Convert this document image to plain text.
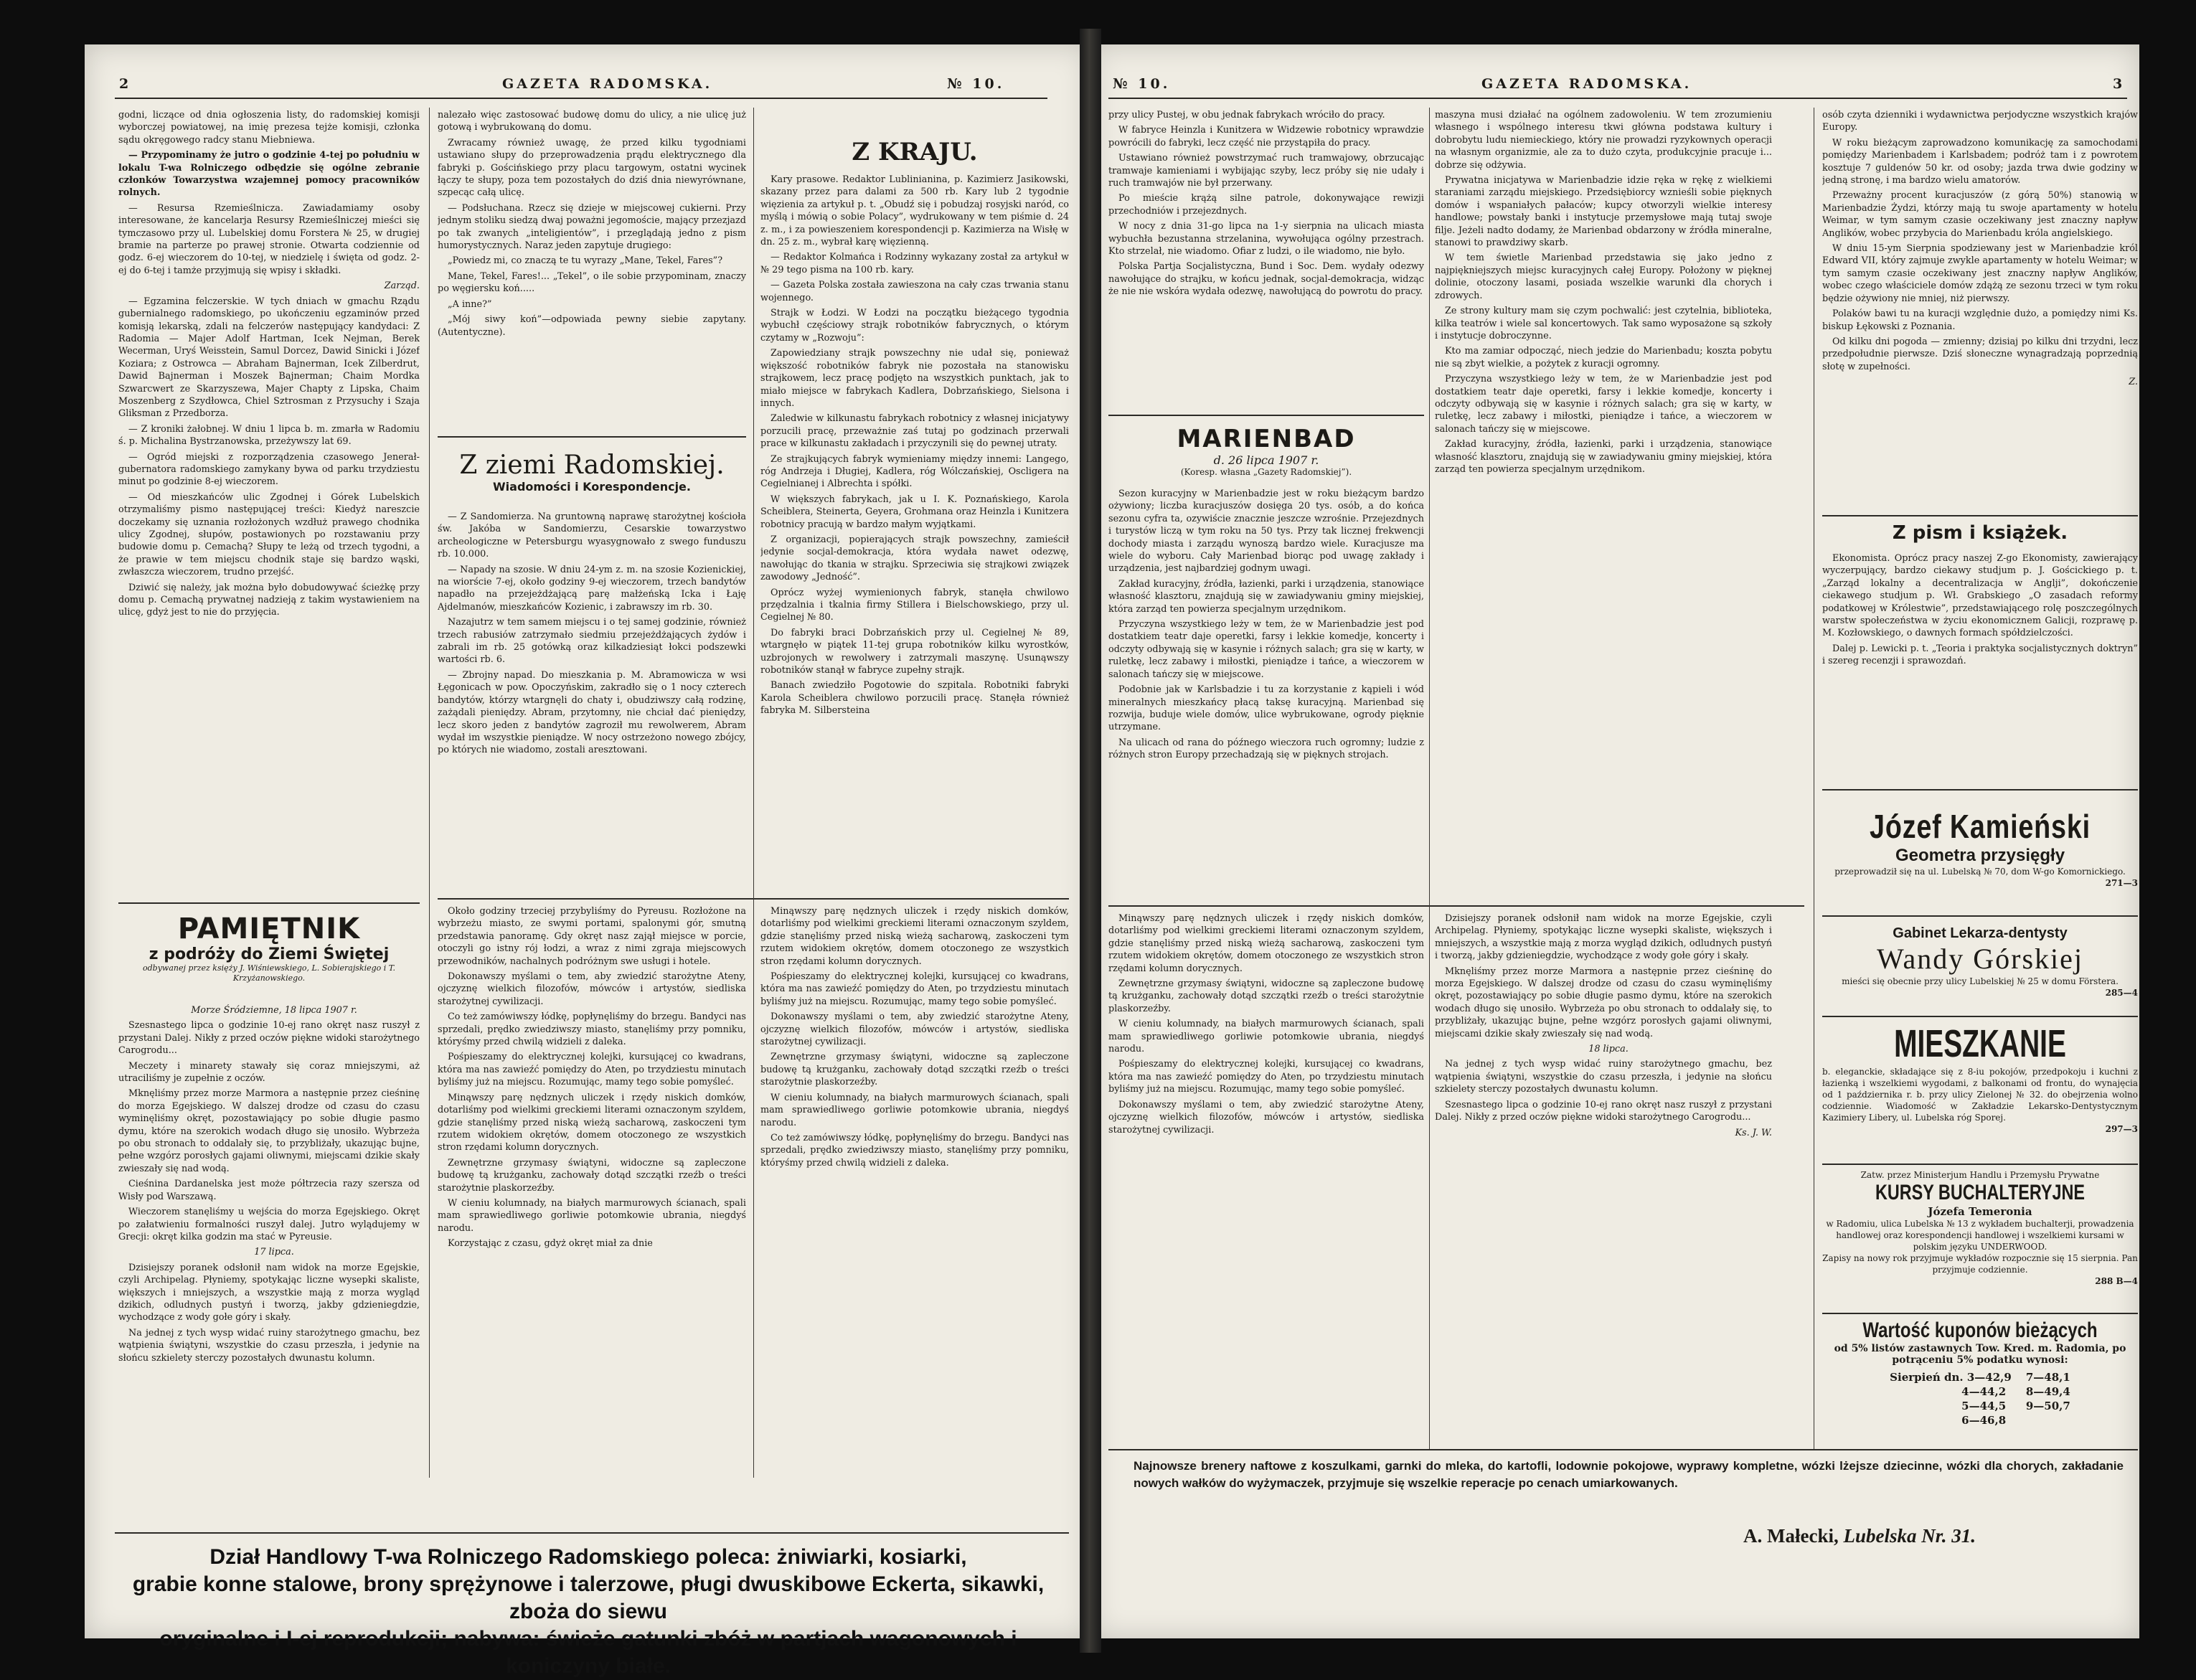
2	GAZETA RADOMSKA.	№ 10.

godni, liczące od dnia ogłoszenia listy, do radomskiej komisji wyborczej powiatowej, na imię prezesa tejże komisji, członka sądu okręgowego radcy stanu Miebniewa.

— Przypominamy że jutro o godzinie 4-tej po południu w lokalu T-wa Rolniczego odbędzie się ogólne zebranie członków Towarzystwa wzajemnej pomocy pracowników rolnych.

— Resursa Rzemieślnicza. Zawiadamiamy osoby interesowane, że kancelarja Resursy Rzemieślniczej mieści się tymczasowo przy ul. Lubelskiej domu Forstera № 25, w drugiej bramie na parterze po prawej stronie. Otwarta codziennie od godz. 6-ej wieczorem do 10-tej, w niedzielę i święta od godz. 2-ej do 6-tej i tamże przyjmują się wpisy i składki.

Zarząd.

— Egzamina felczerskie. W tych dniach w gmachu Rządu gubernialnego radomskiego, po ukończeniu egzaminów przed komisją lekarską, zdali na felczerów następujący kandydaci: Z Radomia — Majer Adolf Hartman, Icek Nejman, Berek Wecerman, Uryś Weisstein, Samul Dorcez, Dawid Sinicki i Józef Koziara; z Ostrowca — Abraham Bajnerman, Icek Zilberdrut, Dawid Bajnerman i Moszek Bajnerman; Chaim Mordka Szwarcwert ze Skarzyszewa, Majer Chapty z Lipska, Chaim Moszenberg z Szydłowca, Chiel Sztrosman z Przysuchy i Szaja Gliksman z Przedborza.

— Z kroniki żałobnej. W dniu 1 lipca b. m. zmarła w Radomiu ś. p. Michalina Bystrzanowska, przeżywszy lat 69.

— Ogród miejski z rozporządzenia czasowego Jenerał-gubernatora radomskiego zamykany bywa od parku trzydziestu minut po godzinie 8-ej wieczorem.

— Od mieszkańców ulic Zgodnej i Górek Lubelskich otrzymaliśmy pismo następującej treści: Kiedyż nareszcie doczekamy się uznania rozłożonych wzdłuż prawego chodnika ulicy Zgodnej, słupów, postawionych po rozstawaniu przy budowie domu p. Cemachą? Słupy te leżą od trzech tygodni, a że prawie w tem miejscu chodnik staje się bardzo wąski, zwłaszcza wieczorem, trudno przejść.

Dziwić się należy, jak można było dobudowywać ścieżkę przy domu p. Cemachą prywatnej nadzieją z takim wystawieniem na ulicę, gdyż jest to nie do przyjęcia.

PAMIĘTNIK
z podróży do Ziemi Świętej
odbywanej przez księży J. Wiśniewskiego, L. Sobierajskiego i T. Krzyżanowskiego.

Morze Śródziemne, 18 lipca 1907 r.

Szesnastego lipca o godzinie 10-ej rano okręt nasz ruszył z przystani Dalej. Nikły z przed oczów piękne widoki starożytnego Carogrodu...

Meczety i minarety stawały się coraz mniejszymi, aż utraciliśmy je zupełnie z oczów.

Mknęliśmy przez morze Marmora a następnie przez cieśninę do morza Egejskiego. W dalszej drodze od czasu do czasu wyminęliśmy okręt, pozostawiający po sobie długie pasmo dymu, które na szerokich wodach długo się unosiło. Wybrzeża po obu stronach to oddalały się, to przybliżały, ukazując bujne, pełne wzgórz porosłych gajami oliwnymi, miejscami dzikie skały zwieszały się nad wodą.

Cieśnina Dardanelska jest może półtrzecia razy szersza od Wisły pod Warszawą.

Wieczorem stanęliśmy u wejścia do morza Egejskiego. Okręt po załatwieniu formalności ruszył dalej. Jutro wylądujemy w Grecji: okręt kilka godzin ma stać w Pyreusie.

17 lipca.

Dzisiejszy poranek odsłonił nam widok na morze Egejskie, czyli Archipelag. Płyniemy, spotykając liczne wysepki skaliste, większych i mniejszych, a wszystkie mają z morza wygląd dzikich, odludnych pustyń i tworzą, jakby gdzieniegdzie, wychodzące z wody gołe góry i skały.

Na jednej z tych wysp widać ruiny starożytnego gmachu, bez wątpienia świątyni, wszystkie do czasu przeszła, i jedynie na słońcu szkielety sterczy pozostałych dwunastu kolumn.

nalezało więc zastosować budowę domu do ulicy, a nie ulicę już gotową i wybrukowaną do domu.

Zwracamy również uwagę, że przed kilku tygodniami ustawiano słupy do przeprowadzenia prądu elektrycznego dla fabryki p. Gościńskiego przy placu targowym, ostatni wycinek łączy te słupy, poza tem pozostałych do dziś dnia niewyrównane, szpecąc całą ulicę.

— Podsłuchana. Rzecz się dzieje w miejscowej cukierni. Przy jednym stoliku siedzą dwaj poważni jegomoście, mający przezjazd po tak zwanych „inteligientów”, i przeglądają jedno z pism humorystycznych. Naraz jeden zapytuje drugiego:

„Powiedz mi, co znaczą te tu wyrazy „Mane, Tekel, Fares”?

Mane, Tekel, Fares!... „Tekel”, o ile sobie przypominam, znaczy po węgiersku koń.....

„A inne?”

„Mój siwy koń”—odpowiada pewny siebie zapytany. (Autentyczne).

Z ziemi Radomskiej.
Wiadomości i Korespondencje.

— Z Sandomierza. Na gruntowną naprawę starożytnej kościoła św. Jakóba w Sandomierzu, Cesarskie towarzystwo archeologiczne w Petersburgu wyasygnowało z swego funduszu rb. 10.000.

— Napady na szosie. W dniu 24-ym z. m. na szosie Kozienickiej, na wiorście 7-ej, około godziny 9-ej wieczorem, trzech bandytów napadło na przejeżdżającą parę małżeńską Icka i Łaję Ajdelmanów, mieszkańców Kozienic, i zabrawszy im rb. 30.

Nazajutrz w tem samem miejscu i o tej samej godzinie, również trzech rabusiów zatrzymało siedmiu przejeżdżających żydów i zabrali im rb. 25 gotówką oraz kilkadziesiąt łokci podszewki wartości rb. 6.

— Zbrojny napad. Do mieszkania p. M. Abramowicza w wsi Łęgonicach w pow. Opoczyńskim, zakradło się o 1 nocy czterech bandytów, którzy wtargnęli do chaty i, obudziwszy całą rodzinę, zażądali pieniędzy. Abram, przytomny, nie chciał dać pieniędzy, lecz skoro jeden z bandytów zagroził mu rewolwerem, Abram wydał im wszystkie pieniądze. W nocy ostrzeżono nowego zbójcy, po których nie wiadomo, zostali aresztowani.

Około godziny trzeciej przybyliśmy do Pyreusu. Rozłożone na wybrzeżu miasto, ze swymi portami, spalonymi gór, smutną przedstawia panoramę. Gdy okręt nasz zajął miejsce w porcie, otoczyli go istny rój łodzi, a wraz z nimi zgraja miejscowych przewodników, nachalnych podróżnym swe usługi i hotele.

Dokonawszy myślami o tem, aby zwiedzić starożytne Ateny, ojczyznę wielkich filozofów, mówców i artystów, siedliska starożytnej cywilizacji.

Co też zamówiwszy łódkę, popłynęliśmy do brzegu. Bandyci nas sprzedali, prędko zwiedziwszy miasto, stanęliśmy przy pomniku, któryśmy przed chwilą widzieli z daleka.

Pośpieszamy do elektrycznej kolejki, kursującej co kwadrans, która ma nas zawieźć pomiędzy do Aten, po trzydziestu minutach byliśmy już na miejscu. Rozumując, mamy tego sobie pomyśleć.

Minąwszy parę nędznych uliczek i rzędy niskich domków, dotarliśmy pod wielkimi greckiemi literami oznaczonym szyldem, gdzie stanęliśmy przed niską wieżą sacharową, zaskoczeni tym rzutem widokiem okrętów, domem otoczonego ze wszystkich stron rzędami kolumn dorycznych.

Zewnętrzne grzymasy świątyni, widoczne są zapleczone budowę tą krużganku, zachowały dotąd szczątki rzeźb o treści starożytnie plaskorzeźby.

W cieniu kolumnady, na białych marmurowych ścianach, spali mam sprawiedliwego gorliwie potomkowie ubrania, niegdyś narodu.

Korzystając z czasu, gdyż okręt miał za dnie

Z KRAJU.

Kary prasowe. Redaktor Lublinianina, p. Kazimierz Jasikowski, skazany przez para dalami za 500 rb. Kary lub 2 tygodnie więzienia za artykuł p. t. „Obudź się i pobudzaj rosyjski naród, co myślą i mówią o sobie Polacy”, wydrukowany w tem piśmie d. 24 z. m., i za powieszeniem korespondencji p. Kazimierza na Wisłę w dn. 25 z. m., wybrał karę więzienną.

— Redaktor Kolmańca i Rodzinny wykazany został za artykuł w № 29 tego pisma na 100 rb. kary.

— Gazeta Polska została zawieszona na cały czas trwania stanu wojennego.

Strajk w Łodzi. W Łodzi na początku bieżącego tygodnia wybuchł częściowy strajk robotników fabrycznych, o którym czytamy w „Rozwoju”:

Zapowiedziany strajk powszechny nie udał się, ponieważ większość robotników fabryk nie pozostała na stanowisku strajkowem, lecz pracę podjęto na wszystkich punktach, jak to miało miejsce w fabrykach Kadlera, Dobrzańskiego, Sielsona i innych.

Zaledwie w kilkunastu fabrykach robotnicy z własnej inicjatywy porzucili pracę, przeważnie zaś tutaj po godzinach przerwali prace w kilkunastu zakładach i przyczynili się do pewnej utraty.

Ze strajkujących fabryk wymieniamy między innemi: Langego, róg Andrzeja i Długiej, Kadlera, róg Wólczańskiej, Oscligera na Cegielnianej i Albrechta i spółki.

W większych fabrykach, jak u I. K. Poznańskiego, Karola Scheiblera, Steinerta, Geyera, Grohmana oraz Heinzla i Kunitzera robotnicy pracują w bardzo małym wyjątkami.

Z organizacji, popierających strajk powszechny, zamieścił jedynie socjal-demokracja, która wydała nawet odezwę, nawołując do tkania w strajku. Sprzeciwia się strajkowi związek zawodowy „Jedność”.

Oprócz wyżej wymienionych fabryk, stanęła chwilowo przędzalnia i tkalnia firmy Stillera i Bielschowskiego, przy ul. Cegielnej № 80.

Do fabryki braci Dobrzańskich przy ul. Cegielnej № 89, wtargnęło w piątek 11-tej grupa robotników kilku wyrostków, uzbrojonych w rewolwery i zatrzymali maszynę. Usunąwszy robotników stanął w fabryce zupełny strajk.

Banach zwiedziło Pogotowie do szpitala. Robotniki fabryki Karola Scheiblera chwilowo porzucili pracę. Stanęła również fabryka M. Silbersteina

Minąwszy parę nędznych uliczek i rzędy niskich domków, dotarliśmy pod wielkimi greckiemi literami oznaczonym szyldem, gdzie stanęliśmy przed niską wieżą sacharową, zaskoczeni tym rzutem widokiem okrętów, domem otoczonego ze wszystkich stron rzędami kolumn dorycznych.

Pośpieszamy do elektrycznej kolejki, kursującej co kwadrans, która ma nas zawieźć pomiędzy do Aten, po trzydziestu minutach byliśmy już na miejscu. Rozumując, mamy tego sobie pomyśleć.

Dokonawszy myślami o tem, aby zwiedzić starożytne Ateny, ojczyznę wielkich filozofów, mówców i artystów, siedliska starożytnej cywilizacji.

Zewnętrzne grzymasy świątyni, widoczne są zapleczone budowę tą krużganku, zachowały dotąd szczątki rzeźb o treści starożytnie plaskorzeźby.

W cieniu kolumnady, na białych marmurowych ścianach, spali mam sprawiedliwego gorliwie potomkowie ubrania, niegdyś narodu.

Co też zamówiwszy łódkę, popłynęliśmy do brzegu. Bandyci nas sprzedali, prędko zwiedziwszy miasto, stanęliśmy przy pomniku, któryśmy przed chwilą widzieli z daleka.

Dział Handlowy T-wa Rolniczego Radomskiego poleca: żniwiarki, kosiarki,
grabie konne stalowe, brony sprężynowe i talerzowe, pługi dwuskibowe Eckerta, sikawki, zboża do siewu
oryginalne i I-ej reprodukcji; nabywa: świeże gatunki zbóż w partjach wagonowych i koniczyny białe.
№ 10.	GAZETA RADOMSKA.	3

przy ulicy Pustej, w obu jednak fabrykach wróciło do pracy.

W fabryce Heinzla i Kunitzera w Widzewie robotnicy wprawdzie powrócili do fabryki, lecz część nie przystąpiła do pracy.

Ustawiano również powstrzymać ruch tramwajowy, obrzucając tramwaje kamieniami i wybijając szyby, lecz próby się nie udały i ruch tramwajów nie był przerwany.

Po mieście krążą silne patrole, dokonywające rewizji przechodniów i przejezdnych.

W nocy z dnia 31-go lipca na 1-y sierpnia na ulicach miasta wybuchła bezustanna strzelanina, wywołująca ogólny przestrach. Kto strzelał, nie wiadomo. Ofiar z ludzi, o ile wiadomo, nie było.

Polska Partja Socjalistyczna, Bund i Soc. Dem. wydały odezwy nawołujące do strajku, w końcu jednak, socjal-demokracja, widząc że nie nie wskóra wydała odezwę, nawołującą do powrotu do pracy.

MARIENBAD
d. 26 lipca 1907 r.
(Koresp. własna „Gazety Radomskiej”).

Sezon kuracyjny w Marienbadzie jest w roku bieżącym bardzo ożywiony; liczba kuracjuszów dosięga 20 tys. osób, a do końca sezonu cyfra ta, ozywiście znacznie jeszcze wzrośnie. Przejezdnych i turystów liczą w tym roku na 50 tys. Przy tak licznej frekwencji dochody miasta i zarządu wynoszą bardzo wiele. Kuracjusze ma wiele do wyboru. Cały Marienbad biorąc pod uwagę zakłady i urządzenia, jest najbardziej godnym uwagi.

Zakład kuracyjny, źródła, łazienki, parki i urządzenia, stanowiące własność klasztoru, znajdują się w zawiadywaniu gminy miejskiej, która zarząd ten powierza specjalnym urzędnikom.

Przyczyna wszystkiego leży w tem, że w Marienbadzie jest pod dostatkiem teatr daje operetki, farsy i lekkie komedje, koncerty i odczyty odbywają się w kasynie i różnych salach; gra się w karty, w ruletkę, lecz zabawy i miłostki, pieniądze i tańce, a wieczorem w salonach tańczy się w miejscowe.

Podobnie jak w Karlsbadzie i tu za korzystanie z kąpieli i wód mineralnych mieszkańcy płacą taksę kuracyjną. Marienbad się rozwija, buduje wiele domów, ulice wybrukowane, ogrody pięknie utrzymane.

Na ulicach od rana do późnego wieczora ruch ogromny; ludzie z różnych stron Europy przechadzają się w pięknych strojach.

Minąwszy parę nędznych uliczek i rzędy niskich domków, dotarliśmy pod wielkimi greckiemi literami oznaczonym szyldem, gdzie stanęliśmy przed niską wieżą sacharową, zaskoczeni tym rzutem widokiem okrętów, domem otoczonego ze wszystkich stron rzędami kolumn dorycznych.

Zewnętrzne grzymasy świątyni, widoczne są zapleczone budowę tą krużganku, zachowały dotąd szczątki rzeźb o treści starożytnie plaskorzeźby.

W cieniu kolumnady, na białych marmurowych ścianach, spali mam sprawiedliwego gorliwie potomkowie ubrania, niegdyś narodu.

Pośpieszamy do elektrycznej kolejki, kursującej co kwadrans, która ma nas zawieźć pomiędzy do Aten, po trzydziestu minutach byliśmy już na miejscu. Rozumując, mamy tego sobie pomyśleć.

Dokonawszy myślami o tem, aby zwiedzić starożytne Ateny, ojczyznę wielkich filozofów, mówców i artystów, siedliska starożytnej cywilizacji.

maszyna musi działać na ogólnem zadowoleniu. W tem zrozumieniu własnego i wspólnego interesu tkwi główna podstawa kultury i dobrobytu ludu niemieckiego, który nie prowadzi ryzykownych operacji na własnym organizmie, ale za to dużo czyta, produkcyjnie pracuje i... dobrze się odżywia.

Prywatna inicjatywa w Marienbadzie idzie ręka w rękę z wielkiemi staraniami zarządu miejskiego. Przedsiębiorcy wznieśli sobie pięknych domów i wspaniałych pałaców; kupcy otworzyli wielkie interesy handlowe; powstały banki i instytucje przemysłowe mają tutaj swoje filje. Jeżeli nadto dodamy, że Marienbad obdarzony w źródła mineralne, stanowi to prawdziwy skarb.

W tem świetle Marienbad przedstawia się jako jedno z najpiękniejszych miejsc kuracyjnych całej Europy. Położony w pięknej dolinie, otoczony lasami, posiada wszelkie warunki dla chorych i zdrowych.

Ze strony kultury mam się czym pochwalić: jest czytelnia, biblioteka, kilka teatrów i wiele sal koncertowych. Tak samo wyposażone są szkoły i instytucje dobroczynne.

Kto ma zamiar odpocząć, niech jedzie do Marienbadu; koszta pobytu nie są zbyt wielkie, a pożytek z kuracji ogromny.

Przyczyna wszystkiego leży w tem, że w Marienbadzie jest pod dostatkiem teatr daje operetki, farsy i lekkie komedje, koncerty i odczyty odbywają się w kasynie i różnych salach; gra się w karty, w ruletkę, lecz zabawy i miłostki, pieniądze i tańce, a wieczorem w salonach tańczy się w miejscowe.

Zakład kuracyjny, źródła, łazienki, parki i urządzenia, stanowiące własność klasztoru, znajdują się w zawiadywaniu gminy miejskiej, która zarząd ten powierza specjalnym urzędnikom.

Dzisiejszy poranek odsłonił nam widok na morze Egejskie, czyli Archipelag. Płyniemy, spotykając liczne wysepki skaliste, większych i mniejszych, a wszystkie mają z morza wygląd dzikich, odludnych pustyń i tworzą, jakby gdzieniegdzie, wychodzące z wody gołe góry i skały.

Mknęliśmy przez morze Marmora a następnie przez cieśninę do morza Egejskiego. W dalszej drodze od czasu do czasu wyminęliśmy okręt, pozostawiający po sobie długie pasmo dymu, które na szerokich wodach długo się unosiło. Wybrzeża po obu stronach to oddalały się, to przybliżały, ukazując bujne, pełne wzgórz porosłych gajami oliwnymi, miejscami dzikie skały zwieszały się nad wodą.

18 lipca.

Na jednej z tych wysp widać ruiny starożytnego gmachu, bez wątpienia świątyni, wszystkie do czasu przeszła, i jedynie na słońcu szkielety sterczy pozostałych dwunastu kolumn.

Szesnastego lipca o godzinie 10-ej rano okręt nasz ruszył z przystani Dalej. Nikły z przed oczów piękne widoki starożytnego Carogrodu...

Ks. J. W.

osób czyta dzienniki i wydawnictwa perjodyczne wszystkich krajów Europy.

W roku bieżącym zaprowadzono komunikację za samochodami pomiędzy Marienbadem i Karlsbadem; podróż tam i z powrotem kosztuje 7 guldenów 50 kr. od osoby; jazda trwa dwie godziny w jedną stronę, i ma bardzo wielu amatorów.

Przeważny procent kuracjuszów (z górą 50%) stanowią w Marienbadzie Żydzi, którzy mają tu swoje apartamenty w hotelu Weimar, w tym samym czasie oczekiwany jest znaczny napływ Anglików, wobec przybycia do Marienbadu króla angielskiego.

W dniu 15-ym Sierpnia spodziewany jest w Marienbadzie król Edward VII, który zajmuje zwykle apartamenty w hotelu Weimar; w tym samym czasie oczekiwany jest znaczny napływ Anglików, wobec czego właściciele domów zdążą ze sezonu trzeci w tym roku będzie ożywiony nie mniej, niż pierwszy.

Polaków bawi tu na kuracji względnie dużo, a pomiędzy nimi Ks. biskup Łękowski z Poznania.

Od kilku dni pogoda — zmienny; dzisiaj po kilku dni trzydni, lecz przedpołudnie pierwsze. Dziś słoneczne wynagradzają poprzednią słotę w zupełności.

Z.

Z pism i książek.

Ekonomista. Oprócz pracy naszej Z-go Ekonomisty, zawierający wyczerpujący, bardzo ciekawy studjum p. J. Gościckiego p. t. „Zarząd lokalny a decentralizacja w Anglji”, dokończenie ciekawego studjum p. Wł. Grabskiego „O zasadach reformy podatkowej w Królestwie”, przedstawiającego rolę poszczególnych warstw społeczeństwa w życiu ekonomicznem Galicji, rozprawę p. M. Kozłowskiego, o dawnych formach spółdzielczości.

Dalej p. Lewicki p. t. „Teoria i praktyka socjalistycznych doktryn” i szereg recenzji i sprawozdań.

Józef Kamieński
Geometra przysięgły
przeprowadził się na ul. Lubelską № 70, dom W-go Komornickiego.
271—3
Gabinet Lekarza-dentysty
Wandy Górskiej
mieści się obecnie przy ulicy Lubelskiej № 25 w domu Förstera.
285—4
MIESZKANIE
b. eleganckie, składające się z 8-iu pokojów, przedpokoju i kuchni z łazienką i wszelkiemi wygodami, z balkonami od frontu, do wynajęcia od 1 października r. b. przy ulicy Zielonej № 32. do obejrzenia wolno codziennie. Wiadomość w Zakładzie Lekarsko-Dentystycznym Kazimiery Libery, ul. Lubelska róg Sporej.
297—3
Zatw. przez Ministerjum Handlu i Przemysłu Prywatne
KURSY BUCHALTERYJNE
Józefa Temeronia
w Radomiu, ulica Lubelska № 13 z wykładem buchalterji, prowadzenia handlowej oraz korespondencji handlowej i wszelkiemi kursami w polskim języku UNDERWOOD.
Zapisy na nowy rok przyjmuje wykładów rozpocznie się 15 sierpnia. Pan przyjmuje codziennie.
288 B—4
Wartość kuponów bieżących
od 5% listów zastawnych Tow. Kred. m. Radomia, po potrąceniu 5% podatku wynosi:
Sierpień dn. 3—42,9	7—48,1
4—44,2	8—49,4
5—44,5	9—50,7
6—46,8	
Najnowsze brenery naftowe z koszulkami, garnki do mleka, do kartofli, lodownie pokojowe, wyprawy kompletne, wózki lżejsze dziecinne, wózki dla chorych, zakładanie nowych wałków do wyżymaczek, przyjmuje się wszelkie reperacje po cenach umiarkowanych.
A. Małecki, Lubelska Nr. 31.
